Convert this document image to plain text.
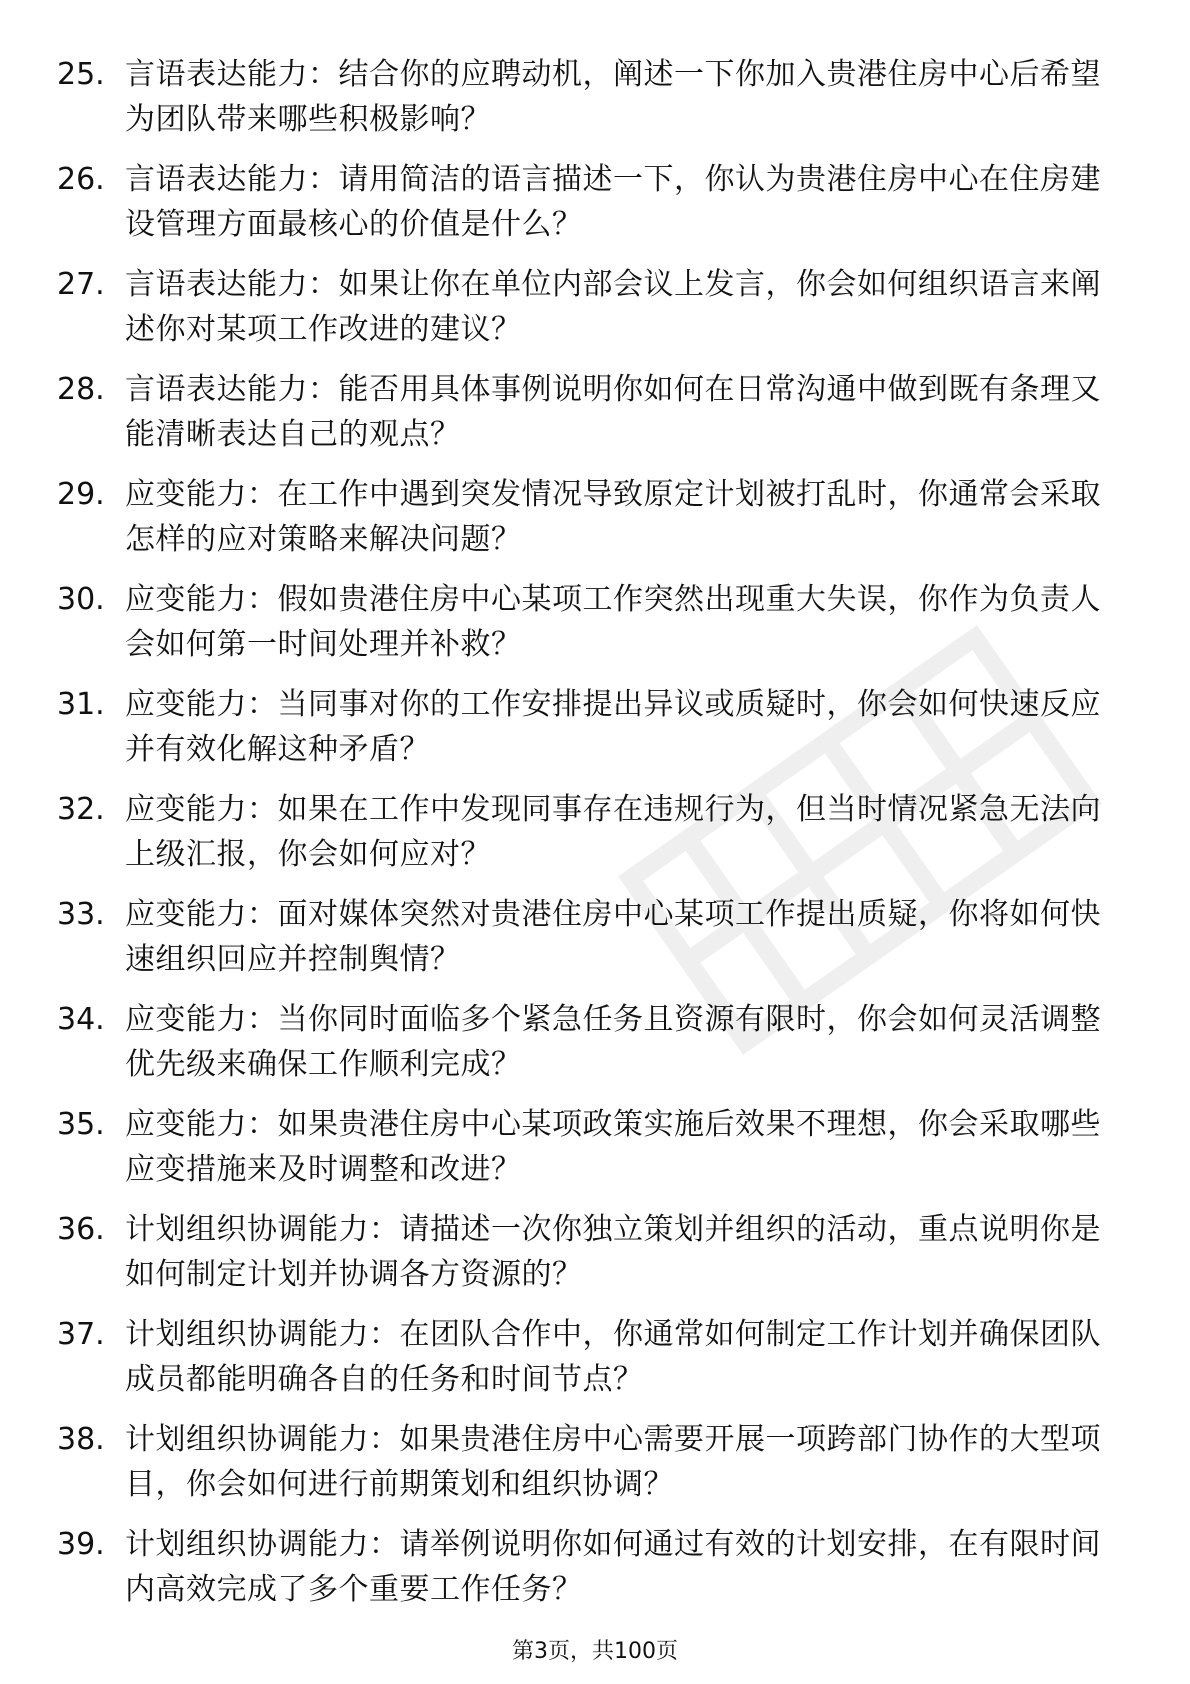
25. 言语表达能力：结合你的应聘动机，阐述一下你加入贵港住房中心后希望为团队带来哪些积极影响？
26. 言语表达能力：请用简洁的语言描述一下，你认为贵港住房中心在住房建设管理方面最核心的价值是什么？
27. 言语表达能力：如果让你在单位内部会议上发言，你会如何组织语言来阐述你对某项工作改进的建议？
28. 言语表达能力：能否用具体事例说明你如何在日常沟通中做到既有条理又能清晰表达自己的观点？
29. 应变能力：在工作中遇到突发情况导致原定计划被打乱时，你通常会采取怎样的应对策略来解决问题？
30. 应变能力：假如贵港住房中心某项工作突然出现重大失误，你作为负责人会如何第一时间处理并补救？
31. 应变能力：当同事对你的工作安排提出异议或质疑时，你会如何快速反应并有效化解这种矛盾？
32. 应变能力：如果在工作中发现同事存在违规行为，但当时情况紧急无法向上级汇报，你会如何应对？
33. 应变能力：面对媒体突然对贵港住房中心某项工作提出质疑，你将如何快速组织回应并控制舆情？
34. 应变能力：当你同时面临多个紧急任务且资源有限时，你会如何灵活调整优先级来确保工作顺利完成？
35. 应变能力：如果贵港住房中心某项政策实施后效果不理想，你会采取哪些应变措施来及时调整和改进？
36. 计划组织协调能力：请描述一次你独立策划并组织的活动，重点说明你是如何制定计划并协调各方资源的？
37. 计划组织协调能力：在团队合作中，你通常如何制定工作计划并确保团队成员都能明确各自的任务和时间节点？
38. 计划组织协调能力：如果贵港住房中心需要开展一项跨部门协作的大型项目，你会如何进行前期策划和组织协调？
39. 计划组织协调能力：请举例说明你如何通过有效的计划安排，在有限时间内高效完成了多个重要工作任务？
第3页，共100页
